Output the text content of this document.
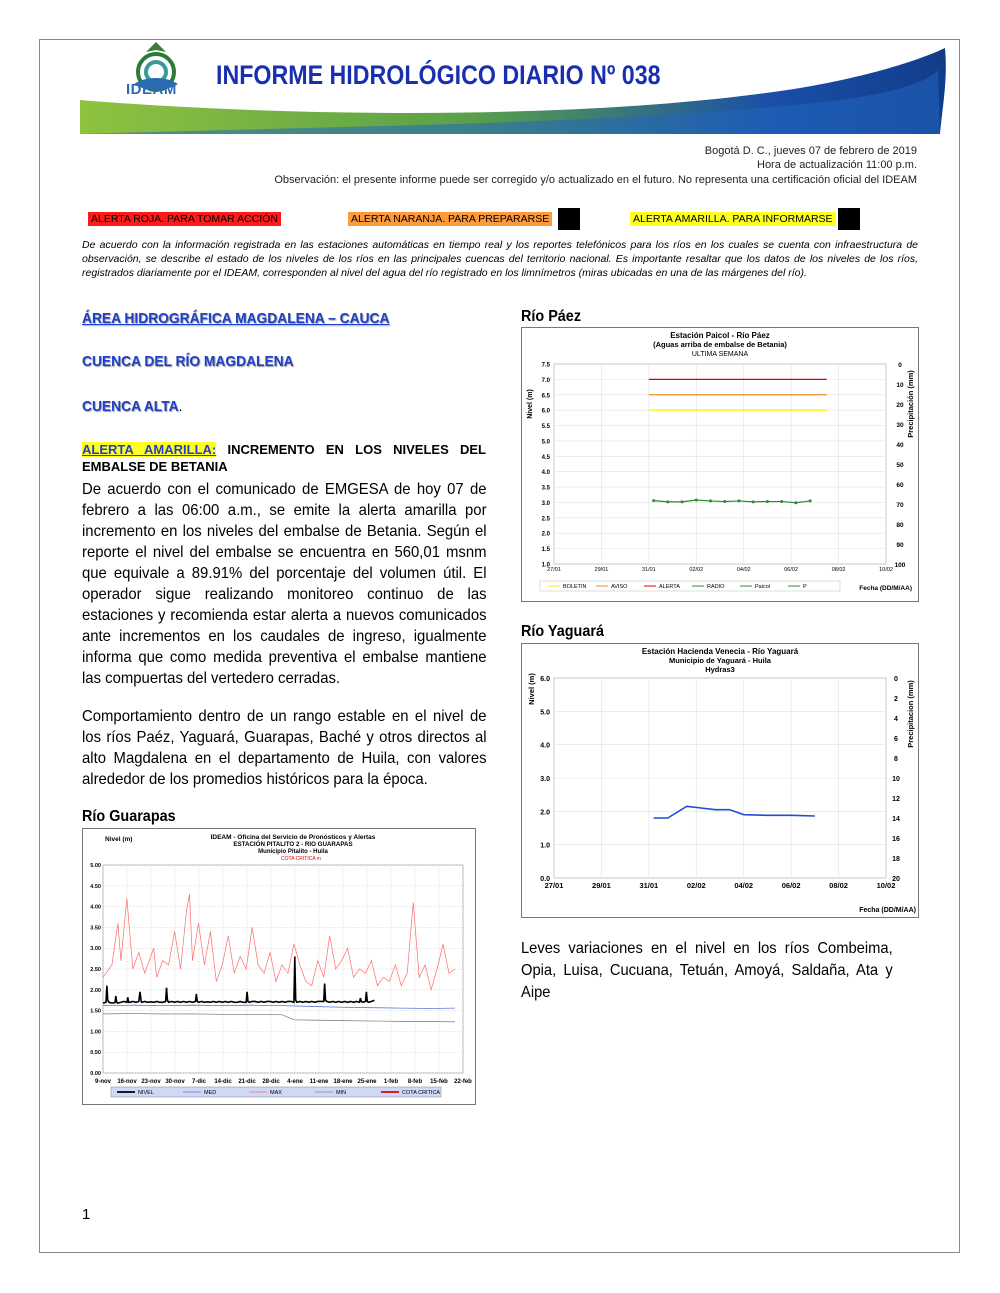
IDEAM INFORME HIDROLÓGICO DIARIO Nº 038
Bogotá D. C., jueves 07 de febrero de 2019
Hora de actualización 11:00 p.m.
Observación: el presente informe puede ser corregido y/o actualizado en el futuro. No representa una certificación oficial del IDEAM
ALERTA ROJA. PARA TOMAR ACCIÓN	ALERTA NARANJA. PARA PREPARARSE	ALERTA AMARILLA. PARA INFORMARSE
De acuerdo con la información registrada en las estaciones automáticas en tiempo real y los reportes telefónicos para los ríos en los cuales se cuenta con infraestructura de observación, se describe el estado de los niveles de los ríos en las principales cuencas del territorio nacional. Es importante resaltar que los datos de los niveles de los ríos, registrados diariamente por el IDEAM, corresponden al nivel del agua del río registrado en los limnímetros (miras ubicadas en una de las márgenes del río).
ÁREA HIDROGRÁFICA MAGDALENA – CAUCA
CUENCA DEL RÍO MAGDALENA
CUENCA ALTA.
ALERTA AMARILLA: INCREMENTO EN LOS NIVELES DEL EMBALSE DE BETANIA
De acuerdo con el comunicado de EMGESA de hoy 07 de febrero a las 06:00 a.m., se emite la alerta amarilla por incremento en los niveles del embalse de Betania. Según el reporte el nivel del embalse se encuentra en 560,01 msnm que equivale a 89.91% del porcentaje del volumen útil. El operador sigue realizando monitoreo continuo de las estaciones y recomienda estar alerta a nuevos comunicados ante incrementos en los caudales de ingreso, igualmente informa que como medida preventiva el embalse mantiene las compuertas del vertedero cerradas.
Comportamiento dentro de un rango estable en el nivel de los ríos Paéz, Yaguará, Guarapas, Baché y otros directos al alto Magdalena en el departamento de Huila, con valores alrededor de los promedios históricos para la época.
Río Guarapas
Río Páez
Río Yaguará
Estación Paicol - Río Páez
(Aguas arriba de embalse de Betania)
ULTIMA SEMANA
7.5
7.0
6.5
6.0
5.5
5.0
4.5
4.0
3.5
3.0
2.5
2.0
1.5
1.0
0
10
20
30
40
50
60
70
80
90
100
27/01	29/01	31/01	02/02	04/02	06/02	08/02	10/02
Nivel (m)	Precipitación (mm)
BOLETIN	AVISO	ALERTA	RADIO	Paicol	P	Fecha (DD/M/AA)
Estación Hacienda Venecia - Río Yaguará
Municipio de Yaguará - Huila
Hydras3
6.0
5.0
4.0
3.0
2.0
1.0
0.0
0
2
4
6
8
10
12
14
16
18
20
27/01	29/01	31/01	02/02	04/02	06/02	08/02	10/02
Nivel (m)	Precipitacion (mm)
Fecha (DD/M/AA)
IDEAM - Oficina del Servicio de Pronósticos y Alertas
ESTACIÓN PITALITO 2 - RIO GUARAPAS
Municipio Pitalito - Huila
COTA CRITICA m
Nivel (m)
5.00
4.50
4.00
3.50
3.00
2.50
2.00
1.50
1.00
0.50
0.00
9-nov 16-nov 23-nov 30-nov 7-dic 14-dic 21-dic 28-dic 4-ene 11-ene 18-ene 25-ene 1-feb 8-feb 15-feb 22-feb
NIVEL	MED	MAX	MIN	COTA CRITICA
Leves variaciones en el nivel en los ríos Combeima, Opia, Luisa, Cucuana, Tetuán, Amoyá, Saldaña, Ata y Aipe
1
